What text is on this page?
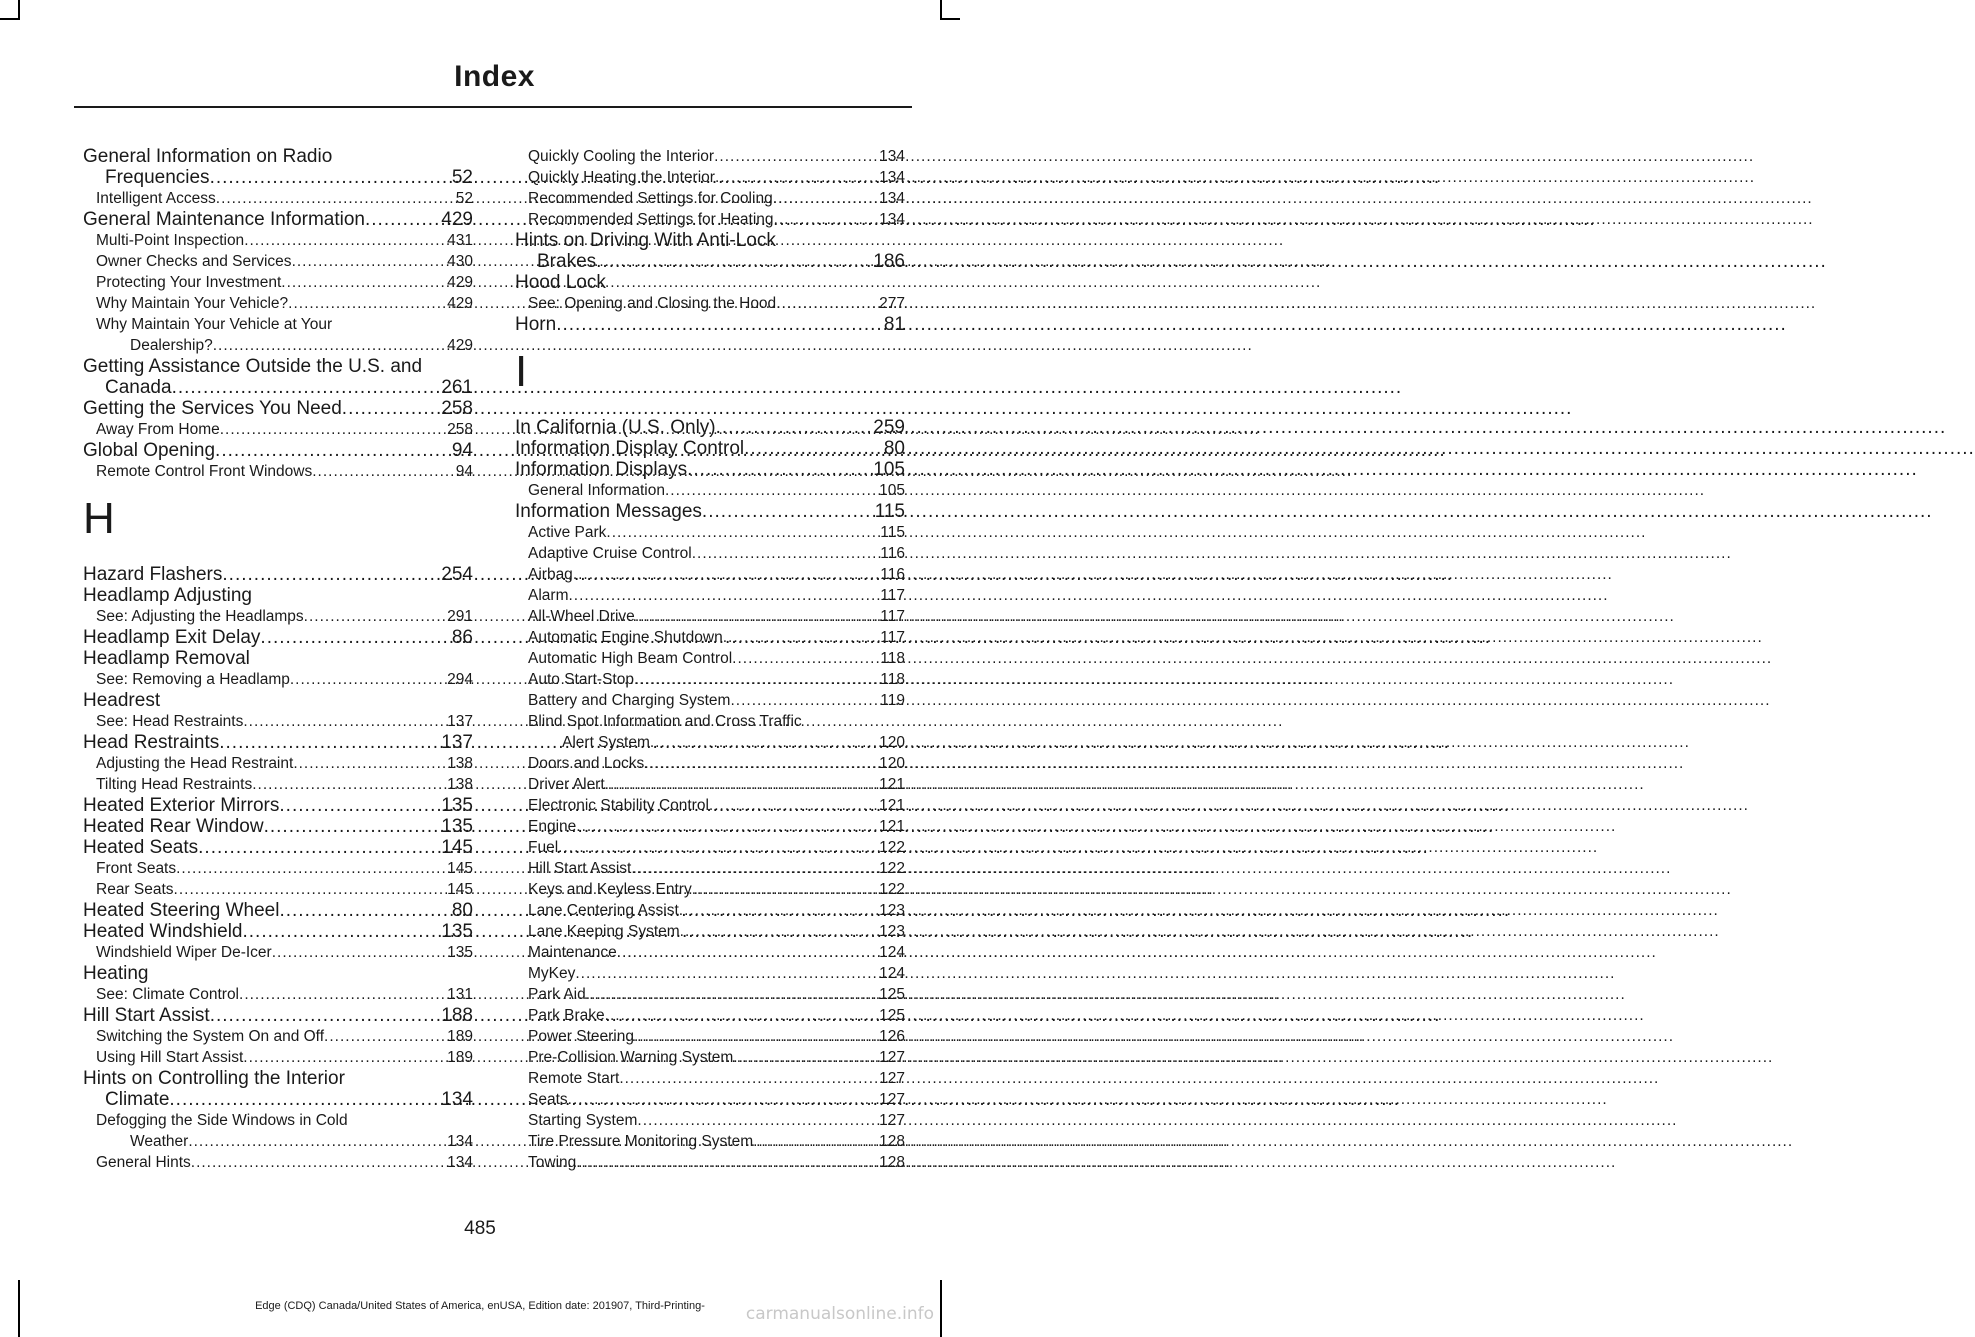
Index
General Information on Radio
Frequencies .....	52
Intelligent Access .....	52
General Maintenance Information .....	429
Multi-Point Inspection .....	431
Owner Checks and Services .....	430
Protecting Your Investment .....	429
Why Maintain Your Vehicle? .....	429
Why Maintain Your Vehicle at Your
Dealership? .....	429
Getting Assistance Outside the U.S. and
Canada .....	261
Getting the Services You Need .....	258
Away From Home .....	258
Global Opening .....	94
Remote Control Front Windows .....	94
H
Hazard Flashers .....	254
Headlamp Adjusting
See: Adjusting the Headlamps .....	291
Headlamp Exit Delay .....	86
Headlamp Removal
See: Removing a Headlamp .....	294
Headrest
See: Head Restraints .....	137
Head Restraints .....	137
Adjusting the Head Restraint .....	138
Tilting Head Restraints .....	138
Heated Exterior Mirrors .....	135
Heated Rear Window .....	135
Heated Seats .....	145
Front Seats .....	145
Rear Seats .....	145
Heated Steering Wheel .....	80
Heated Windshield .....	135
Windshield Wiper De-Icer .....	135
Heating
See: Climate Control .....	131
Hill Start Assist .....	188
Switching the System On and Off .....	189
Using Hill Start Assist .....	189
Hints on Controlling the Interior
Climate .....	134
Defogging the Side Windows in Cold
Weather .....	134
General Hints .....	134
Quickly Cooling the Interior .....	134
Quickly Heating the Interior .....	134
Recommended Settings for Cooling .....	134
Recommended Settings for Heating .....	134
Hints on Driving With Anti-Lock
Brakes .....	186
Hood Lock
See: Opening and Closing the Hood .....	277
Horn .....	81
I
In California (U.S. Only) .....	259
Information Display Control .....	80
Information Displays .....	105
General Information .....	105
Information Messages .....	115
Active Park .....	115
Adaptive Cruise Control .....	116
Airbag .....	116
Alarm .....	117
All-Wheel Drive .....	117
Automatic Engine Shutdown .....	117
Automatic High Beam Control .....	118
Auto Start-Stop .....	118
Battery and Charging System .....	119
Blind Spot Information and Cross Traffic
Alert System .....	120
Doors and Locks .....	120
Driver Alert .....	121
Electronic Stability Control .....	121
Engine .....	121
Fuel .....	122
Hill Start Assist .....	122
Keys and Keyless Entry .....	122
Lane Centering Assist .....	123
Lane Keeping System .....	123
Maintenance .....	124
MyKey .....	124
Park Aid .....	125
Park Brake .....	125
Power Steering .....	126
Pre-Collision Warning System .....	127
Remote Start .....	127
Seats .....	127
Starting System .....	127
Tire Pressure Monitoring System .....	128
Towing .....	128
485
Edge (CDQ) Canada/United States of America, enUSA, Edition date: 201907, Third-Printing-	carmanualsonline.info
